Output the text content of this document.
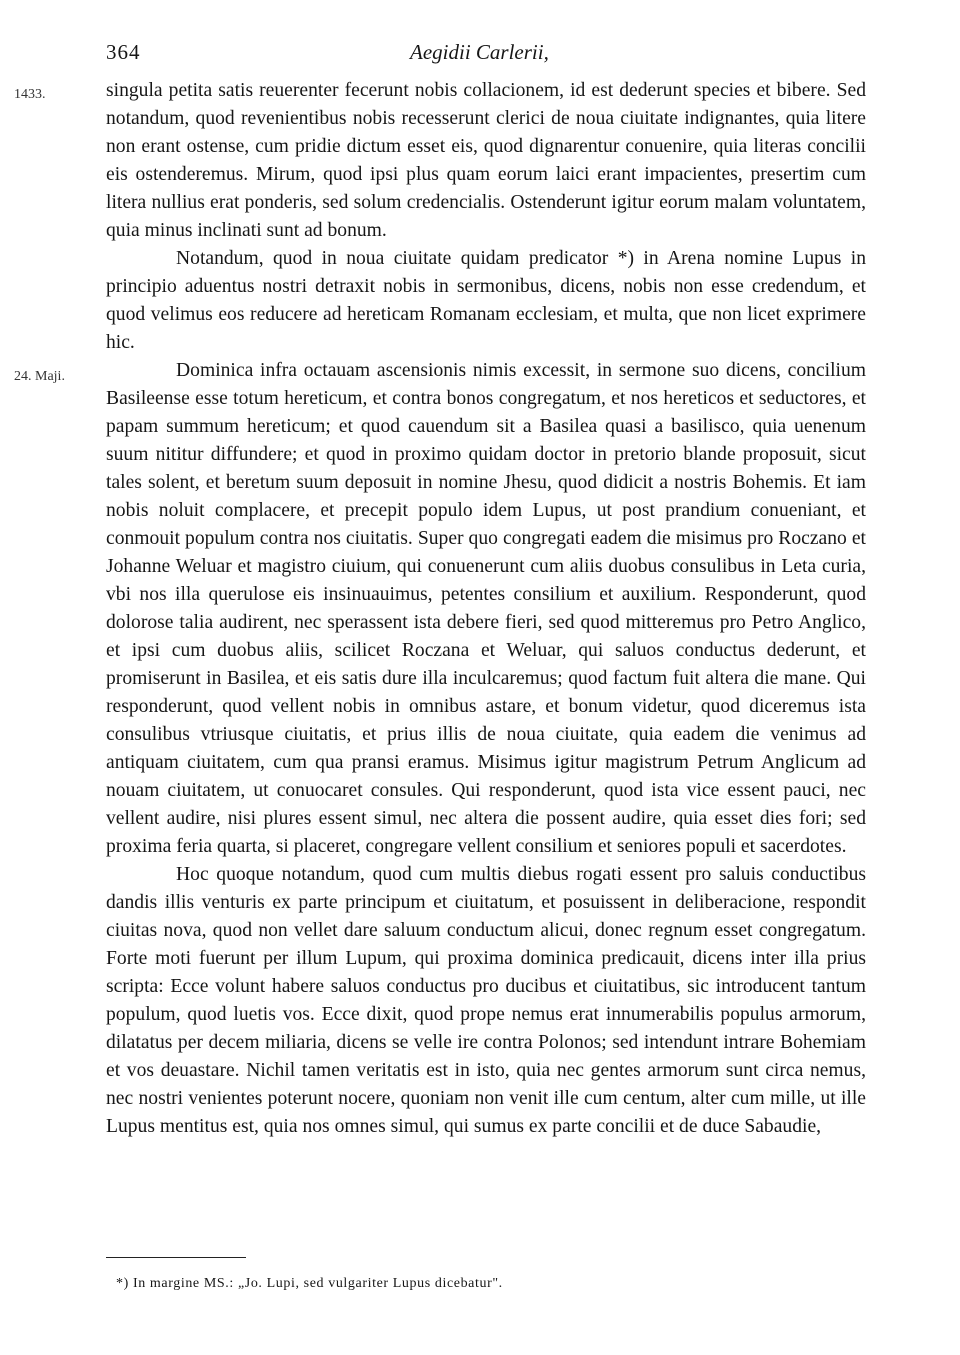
364	Aegidii Carlerii,
1433.
24. Maji.

singula petita satis reuerenter fecerunt nobis collacionem, id est dederunt species et bibere. Sed notandum, quod revenientibus nobis recesserunt clerici de noua ciuitate indignantes, quia litere non erant ostense, cum pridie dictum esset eis, quod dignarentur conuenire, quia literas concilii eis ostenderemus. Mirum, quod ipsi plus quam eorum laici erant impacientes, presertim cum litera nullius erat ponderis, sed solum credencialis. Ostenderunt igitur eorum malam voluntatem, quia minus inclinati sunt ad bonum.

Notandum, quod in noua ciuitate quidam predicator *) in Arena nomine Lupus in principio aduentus nostri detraxit nobis in sermonibus, dicens, nobis non esse credendum, et quod velimus eos reducere ad hereticam Romanam ecclesiam, et multa, que non licet exprimere hic.

Dominica infra octauam ascensionis nimis excessit, in sermone suo dicens, concilium Basileense esse totum hereticum, et contra bonos congregatum, et nos hereticos et seductores, et papam summum hereticum; et quod cauendum sit a Basilea quasi a basilisco, quia uenenum suum nititur diffundere; et quod in proximo quidam doctor in pretorio blande proposuit, sicut tales solent, et beretum suum deposuit in nomine Jhesu, quod didicit a nostris Bohemis. Et iam nobis noluit complacere, et precepit populo idem Lupus, ut post prandium conueniant, et conmouit populum contra nos ciuitatis. Super quo congregati eadem die misimus pro Roczano et Johanne Weluar et magistro ciuium, qui conuenerunt cum aliis duobus consulibus in Leta curia, vbi nos illa querulose eis insinuauimus, petentes consilium et auxilium. Responderunt, quod dolorose talia audirent, nec sperassent ista debere fieri, sed quod mitteremus pro Petro Anglico, et ipsi cum duobus aliis, scilicet Roczana et Weluar, qui saluos conductus dederunt, et promiserunt in Basilea, et eis satis dure illa inculcaremus; quod factum fuit altera die mane. Qui responderunt, quod vellent nobis in omnibus astare, et bonum videtur, quod diceremus ista consulibus vtriusque ciuitatis, et prius illis de noua ciuitate, quia eadem die venimus ad antiquam ciuitatem, cum qua pransi eramus. Misimus igitur magistrum Petrum Anglicum ad nouam ciuitatem, ut conuocaret consules. Qui responderunt, quod ista vice essent pauci, nec vellent audire, nisi plures essent simul, nec altera die possent audire, quia esset dies fori; sed proxima feria quarta, si placeret, congregare vellent consilium et seniores populi et sacerdotes.

Hoc quoque notandum, quod cum multis diebus rogati essent pro saluis conductibus dandis illis venturis ex parte principum et ciuitatum, et posuissent in deliberacione, respondit ciuitas nova, quod non vellet dare saluum conductum alicui, donec regnum esset congregatum. Forte moti fuerunt per illum Lupum, qui proxima dominica predicauit, dicens inter illa prius scripta: Ecce volunt habere saluos conductus pro ducibus et ciuitatibus, sic introducent tantum populum, quod luetis vos. Ecce dixit, quod prope nemus erat innumerabilis populus armorum, dilatatus per decem miliaria, dicens se velle ire contra Polonos; sed intendunt intrare Bohemiam et vos deuastare. Nichil tamen veritatis est in isto, quia nec gentes armorum sunt circa nemus, nec nostri venientes poterunt nocere, quoniam non venit ille cum centum, alter cum mille, ut ille Lupus mentitus est, quia nos omnes simul, qui sumus ex parte concilii et de duce Sabaudie,

*) In margine MS.: „Jo. Lupi, sed vulgariter Lupus dicebatur".
